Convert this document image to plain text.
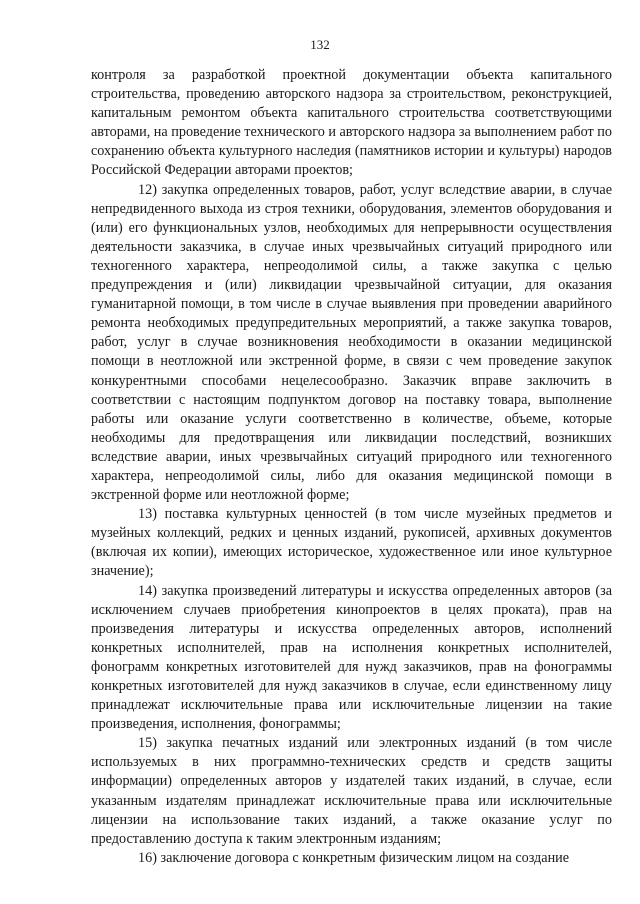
132

контроля за разработкой проектной документации объекта капитального строительства, проведению авторского надзора за строительством, реконструкцией, капитальным ремонтом объекта капитального строительства соответствующими авторами, на проведение технического и авторского надзора за выполнением работ по сохранению объекта культурного наследия (памятников истории и культуры) народов Российской Федерации авторами проектов;

12) закупка определенных товаров, работ, услуг вследствие аварии, в случае непредвиденного выхода из строя техники, оборудования, элементов оборудования и (или) его функциональных узлов, необходимых для непрерывности осуществления деятельности заказчика, в случае иных чрезвычайных ситуаций природного или техногенного характера, непреодолимой силы, а также закупка с целью предупреждения и (или) ликвидации чрезвычайной ситуации, для оказания гуманитарной помощи, в том числе в случае выявления при проведении аварийного ремонта необходимых предупредительных мероприятий, а также закупка товаров, работ, услуг в случае возникновения необходимости в оказании медицинской помощи в неотложной или экстренной форме, в связи с чем проведение закупок конкурентными способами нецелесообразно. Заказчик вправе заключить в соответствии с настоящим подпунктом договор на поставку товара, выполнение работы или оказание услуги соответственно в количестве, объеме, которые необходимы для предотвращения или ликвидации последствий, возникших вследствие аварии, иных чрезвычайных ситуаций природного или техногенного характера, непреодолимой силы, либо для оказания медицинской помощи в экстренной форме или неотложной форме;

13) поставка культурных ценностей (в том числе музейных предметов и музейных коллекций, редких и ценных изданий, рукописей, архивных документов (включая их копии), имеющих историческое, художественное или иное культурное значение);

14) закупка произведений литературы и искусства определенных авторов (за исключением случаев приобретения кинопроектов в целях проката), прав на произведения литературы и искусства определенных авторов, исполнений конкретных исполнителей, прав на исполнения конкретных исполнителей, фонограмм конкретных изготовителей для нужд заказчиков, прав на фонограммы конкретных изготовителей для нужд заказчиков в случае, если единственному лицу принадлежат исключительные права или исключительные лицензии на такие произведения, исполнения, фонограммы;

15) закупка печатных изданий или электронных изданий (в том числе используемых в них программно-технических средств и средств защиты информации) определенных авторов у издателей таких изданий, в случае, если указанным издателям принадлежат исключительные права или исключительные лицензии на использование таких изданий, а также оказание услуг по предоставлению доступа к таким электронным изданиям;

16) заключение договора с конкретным физическим лицом на создание
